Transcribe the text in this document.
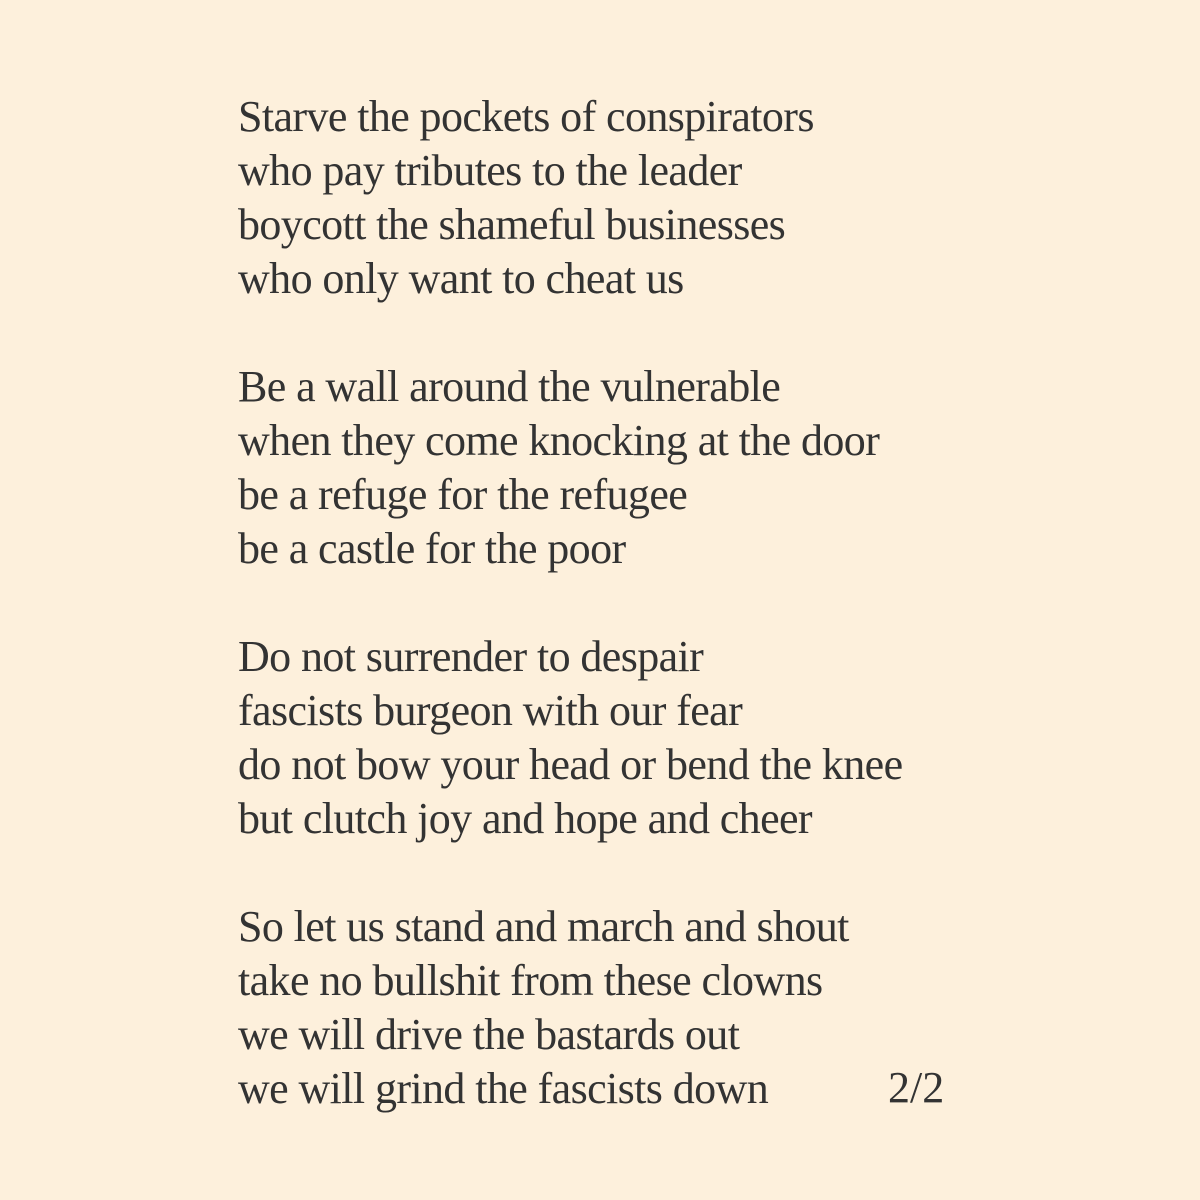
Starve the pockets of conspirators
who pay tributes to the leader
boycott the shameful businesses
who only want to cheat us
Be a wall around the vulnerable
when they come knocking at the door
be a refuge for the refugee
be a castle for the poor
Do not surrender to despair
fascists burgeon with our fear
do not bow your head or bend the knee
but clutch joy and hope and cheer
So let us stand and march and shout
take no bullshit from these clowns
we will drive the bastards out
we will grind the fascists down	2/2
